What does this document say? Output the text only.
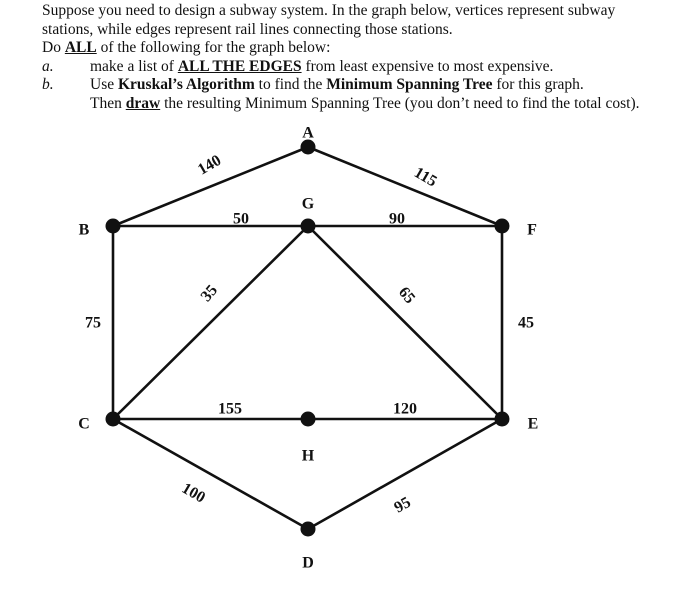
Suppose you need to design a subway system. In the graph below, vertices represent subway
stations, while edges represent rail lines connecting those stations.
Do ALL of the following for the graph below:
a. make a list of ALL THE EDGES from least expensive to most expensive.
b. Use Kruskal’s Algorithm to find the Minimum Spanning Tree for this graph.
Then draw the resulting Minimum Spanning Tree (you don’t need to find the total cost).
140	115
50	90
75	45
35	65
155	120
100	95
A
B
C
D
E
F
G
H
